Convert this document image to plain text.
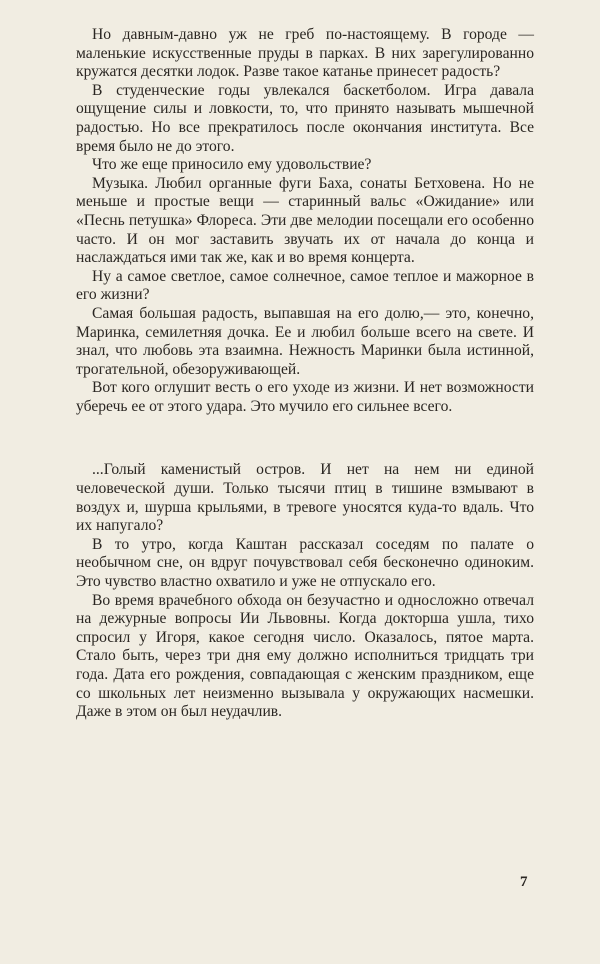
Но давным-давно уж не греб по-настоящему. В городе — маленькие искусственные пруды в парках. В них зарегулированно кружатся десятки лодок. Разве такое катанье принесет радость?

В студенческие годы увлекался баскетболом. Игра давала ощущение силы и ловкости, то, что принято называть мышечной радостью. Но все прекратилось после окончания института. Все время было не до этого.

Что же еще приносило ему удовольствие?

Музыка. Любил органные фуги Баха, сонаты Бетховена. Но не меньше и простые вещи — старинный вальс «Ожидание» или «Песнь петушка» Флореса. Эти две мелодии посещали его особенно часто. И он мог заставить звучать их от начала до конца и наслаждаться ими так же, как и во время концерта.

Ну а самое светлое, самое солнечное, самое теплое и мажорное в его жизни?

Самая большая радость, выпавшая на его долю,— это, конечно, Маринка, семилетняя дочка. Ее и любил больше всего на свете. И знал, что любовь эта взаимна. Нежность Маринки была истинной, трогательной, обезоруживающей.

Вот кого оглушит весть о его уходе из жизни. И нет возможности уберечь ее от этого удара. Это мучило его сильнее всего.

...Голый каменистый остров. И нет на нем ни единой человеческой души. Только тысячи птиц в тишине взмывают в воздух и, шурша крыльями, в тревоге уносятся куда-то вдаль. Что их напугало?

В то утро, когда Каштан рассказал соседям по палате о необычном сне, он вдруг почувствовал себя бесконечно одиноким. Это чувство властно охватило и уже не отпускало его.

Во время врачебного обхода он безучастно и односложно отвечал на дежурные вопросы Ии Львовны. Когда докторша ушла, тихо спросил у Игоря, какое сегодня число. Оказалось, пятое марта. Стало быть, через три дня ему должно исполниться тридцать три года. Дата его рождения, совпадающая с женским праздником, еще со школьных лет неизменно вызывала у окружающих насмешки. Даже в этом он был неудачлив.

7
